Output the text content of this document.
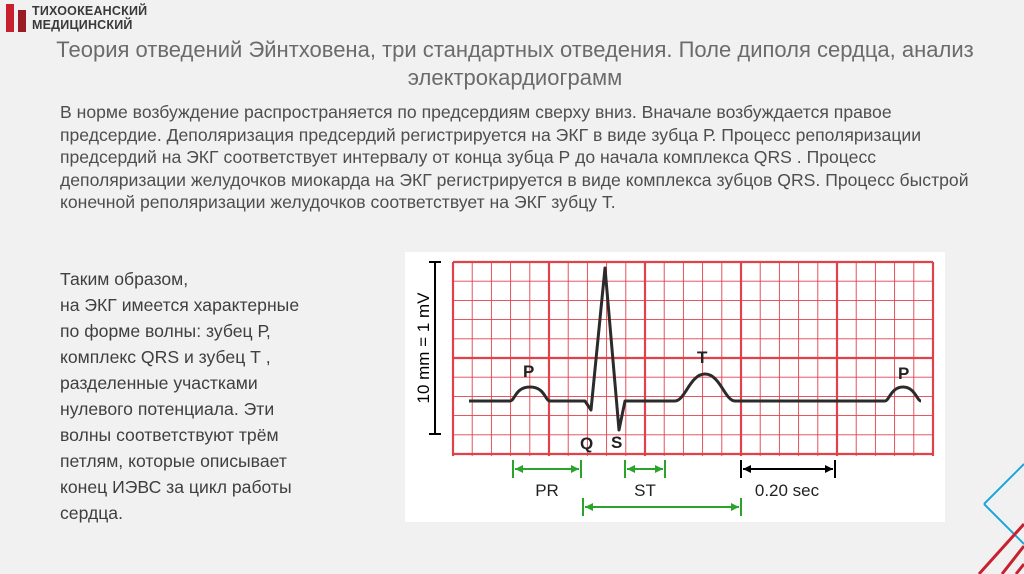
ТИХООКЕАНСКИЙ
МЕДИЦИНСКИЙ
Теория отведений Эйнтховена, три стандартных отведения. Поле диполя сердца, анализ электрокардиограмм
В норме возбуждение распространяется по предсердиям сверху вниз. Вначале возбуждается правое предсердие. Деполяризация предсердий регистрируется на ЭКГ в виде зубца Р. Процесс реполяризации предсердий на ЭКГ соответствует интервалу от конца зубца Р до начала комплекса QRS . Процесс деполяризации желудочков миокарда на ЭКГ регистрируется в виде комплекса зубцов QRS. Процесс быстрой конечной реполяризации желудочков соответствует на ЭКГ зубцу Т.
Таким образом,
на ЭКГ имеется характерные
по форме волны: зубец Р,
комплекс QRS и зубец Т ,
разделенные участками
нулевого потенциала. Эти
волны соответствуют трём
петлям, которые описывает
конец ИЭВС за цикл работы
сердца.
10 mm = 1 mV	P
T
P
Q S
PR	ST	0.20 sec
